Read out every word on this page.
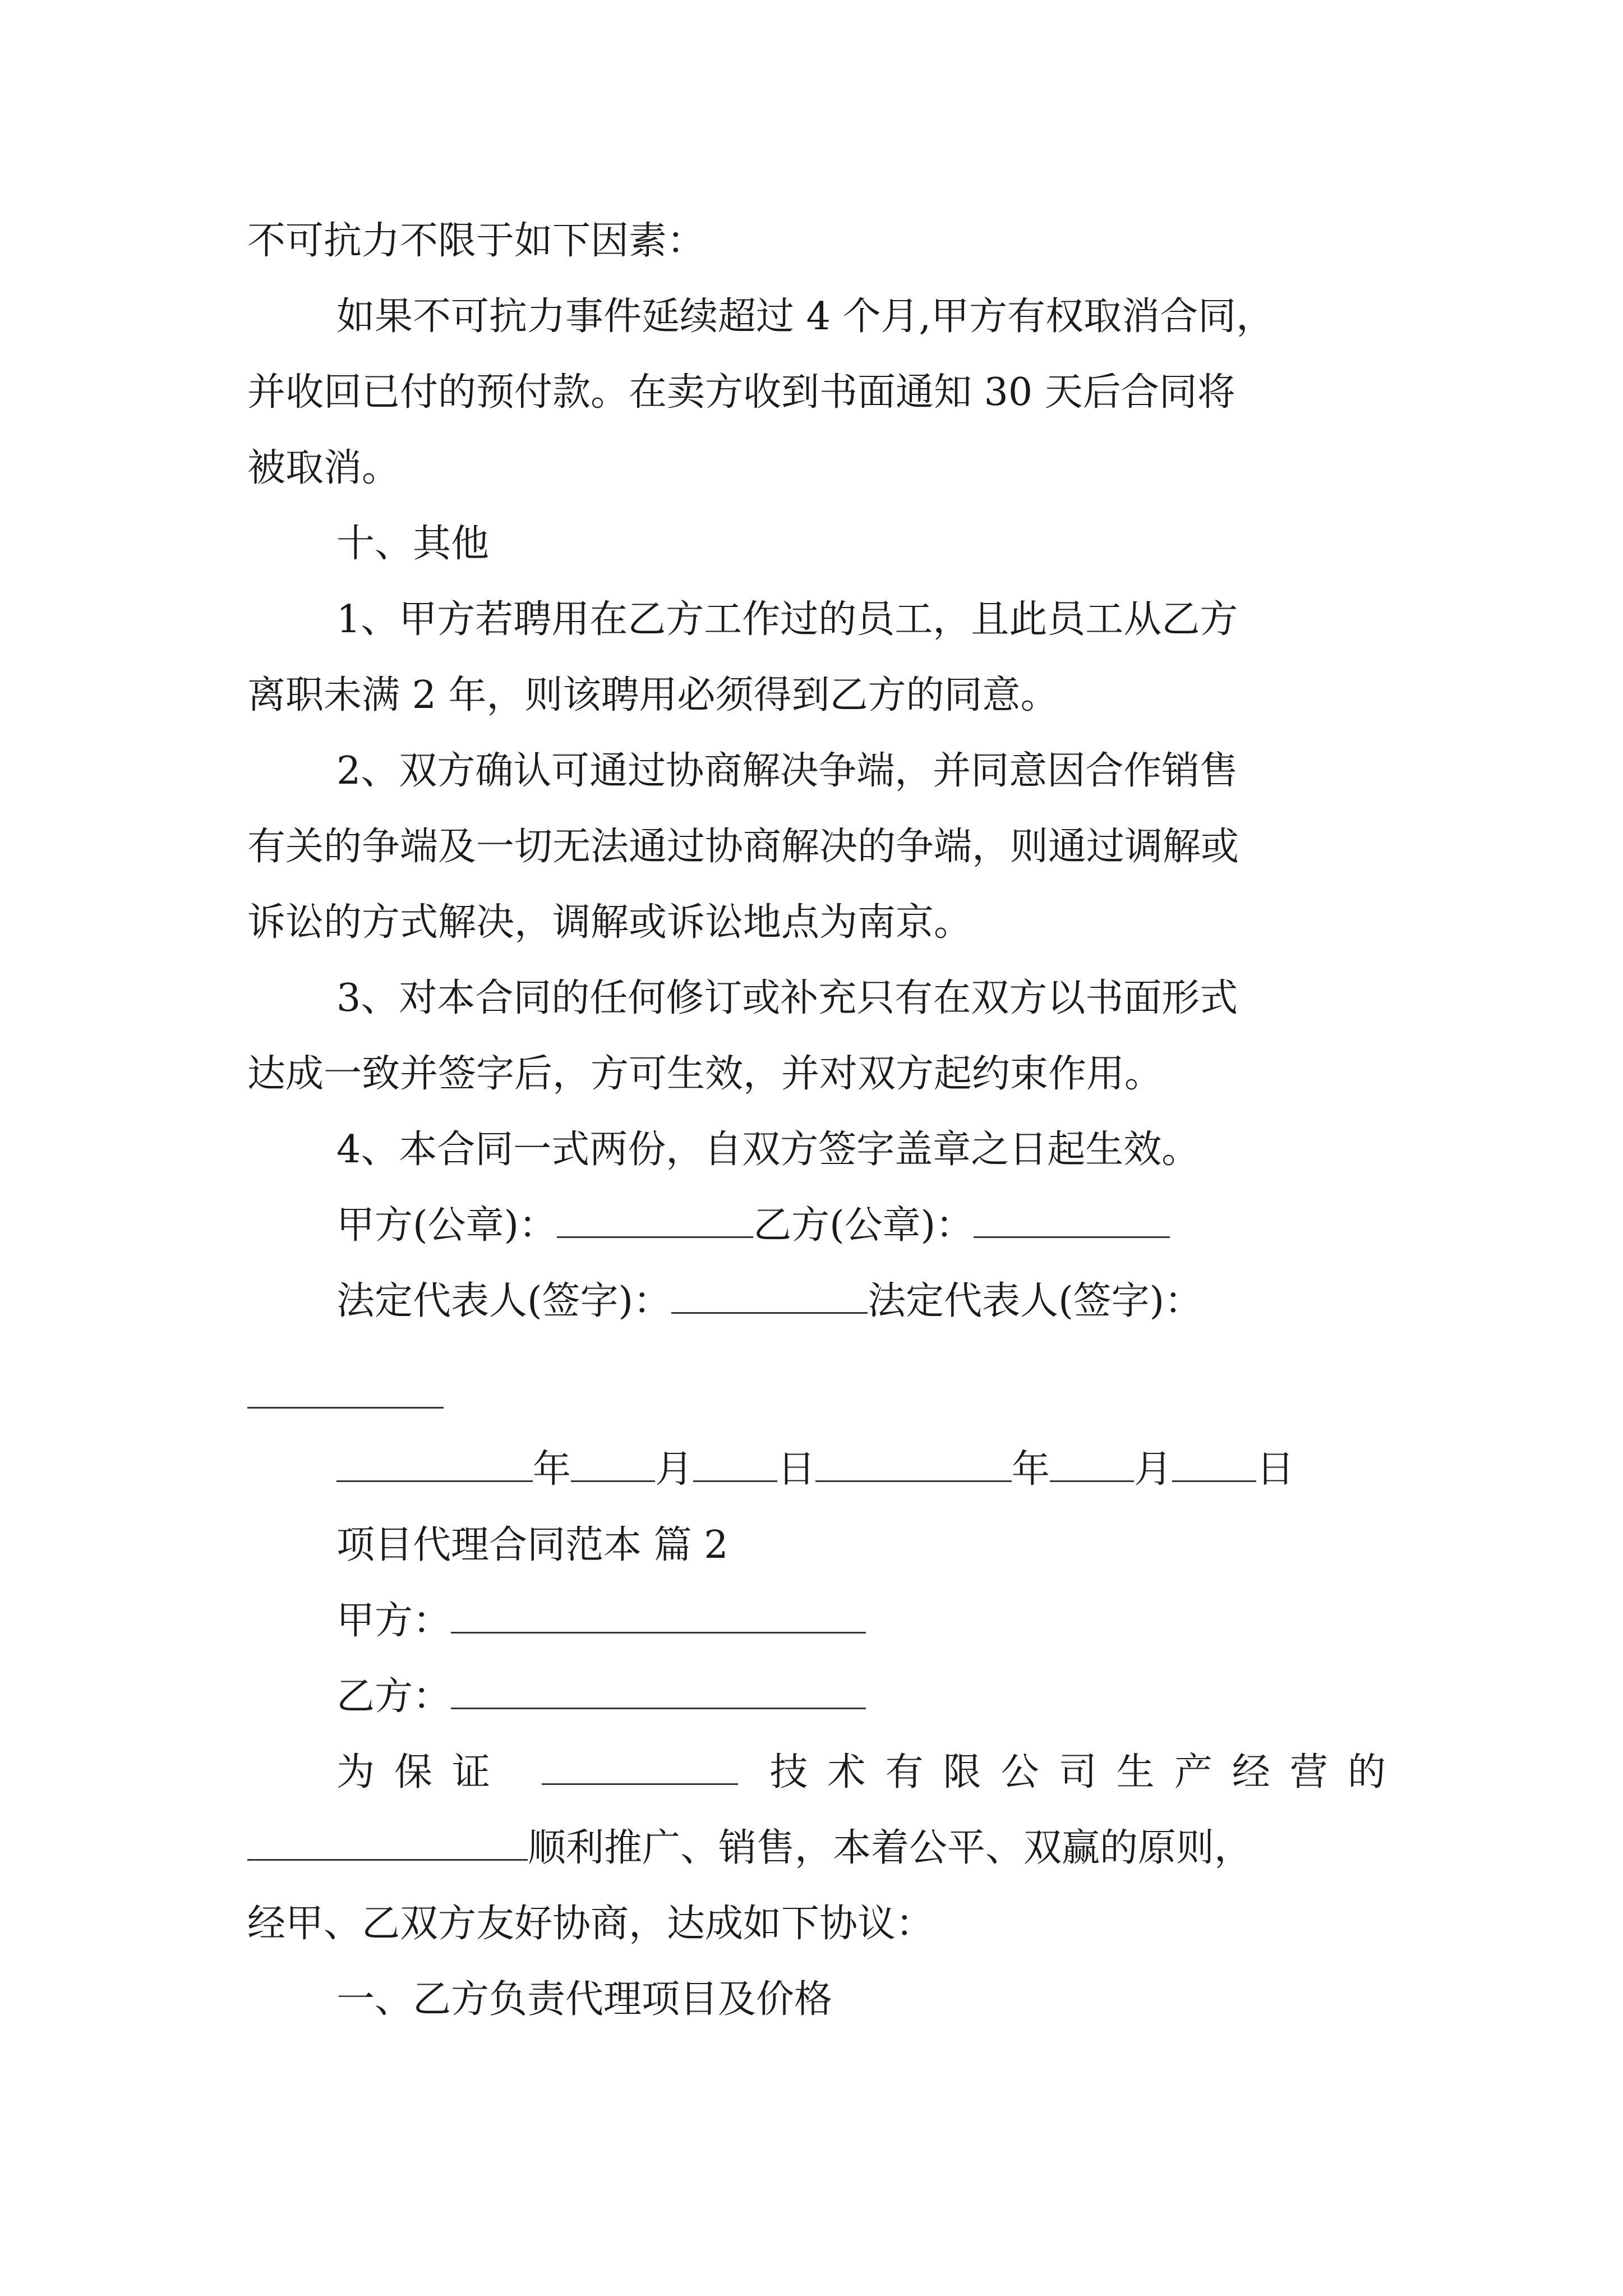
不可抗力不限于如下因素：
如果不可抗力事件延续超过 4 个月,甲方有权取消合同，
并收回已付的预付款。在卖方收到书面通知 30 天后合同将
被取消。
十、其他
1、甲方若聘用在乙方工作过的员工，且此员工从乙方
离职未满 2 年，则该聘用必须得到乙方的同意。
2、双方确认可通过协商解决争端，并同意因合作销售
有关的争端及一切无法通过协商解决的争端，则通过调解或
诉讼的方式解决，调解或诉讼地点为南京。
3、对本合同的任何修订或补充只有在双方以书面形式
达成一致并签字后，方可生效，并对双方起约束作用。
4、本合同一式两份，自双方签字盖章之日起生效。
甲方(公章)：	乙方(公章)：
法定代表人(签字)：	法定代表人(签字)：
年 月 日	年 月 日
项目代理合同范本 篇 2
甲方：
乙方：
为保证	技术有限公司生产经营的
顺利推广、销售，本着公平、双赢的原则，
经甲、乙双方友好协商，达成如下协议：
一、乙方负责代理项目及价格
